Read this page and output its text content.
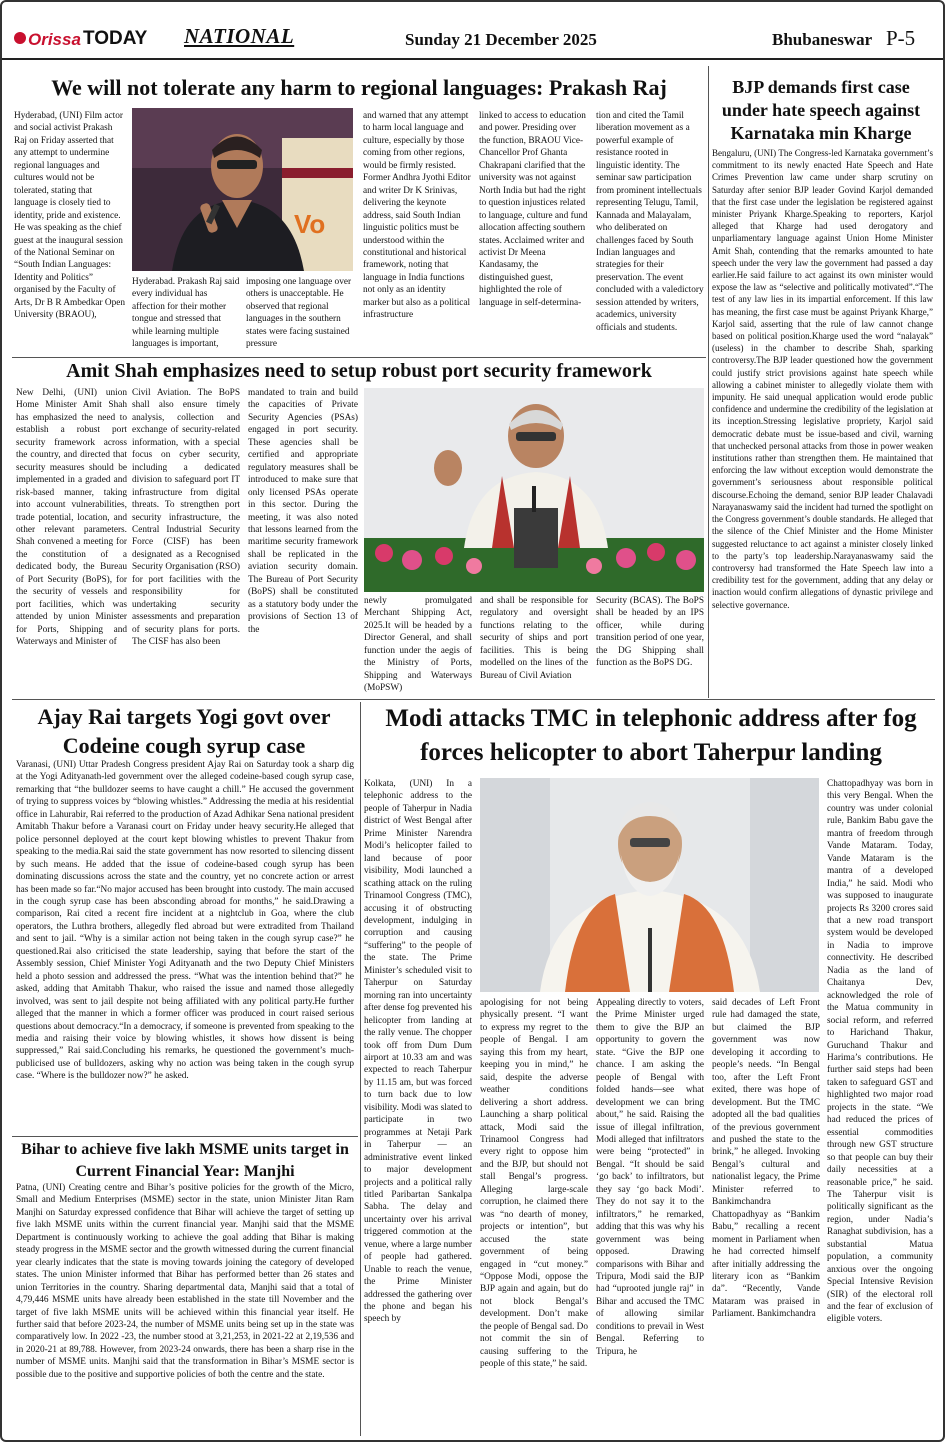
Orissa TODAY NATIONAL	Sunday 21 December 2025	Bhubaneswar P-5
We will not tolerate any harm to regional languages: Prakash Raj
Hyderabad, (UNI) Film actor and social activist Prakash Raj on Friday asserted that any attempt to undermine regional languages and cultures would not be tolerated, stating that language is closely tied to identity, pride and existence. He was speaking as the chief guest at the inaugural session of the National Seminar on “South Indian Languages: Identity and Politics” organised by the Faculty of Arts, Dr B R Ambedkar Open University (BRAOU),
Vo
Hyderabad. Prakash Raj said every individual has affection for their mother tongue and stressed that while learning multiple languages is important,
imposing one language over others is unacceptable. He observed that regional languages in the southern states were facing sustained pressure
and warned that any attempt to harm local language and culture, especially by those coming from other regions, would be firmly resisted. Former Andhra Jyothi Editor and writer Dr K Srinivas, delivering the keynote address, said South Indian linguistic politics must be understood within the constitutional and historical framework, noting that language in India functions not only as an identity marker but also as a political infrastructure
linked to access to education and power. Presiding over the function, BRAOU Vice-Chancellor Prof Ghanta Chakrapani clarified that the university was not against North India but had the right to question injustices related to language, culture and fund allocation affecting southern states. Acclaimed writer and activist Dr Meena Kandasamy, the distinguished guest, highlighted the role of language in self-determina-
tion and cited the Tamil liberation movement as a powerful example of resistance rooted in linguistic identity. The seminar saw participation from prominent intellectuals representing Telugu, Tamil, Kannada and Malayalam, who deliberated on challenges faced by South Indian languages and strategies for their preservation. The event concluded with a valedictory session attended by writers, academics, university officials and students.
Amit Shah emphasizes need to setup robust port security framework
New Delhi, (UNI) union Home Minister Amit Shah has emphasized the need to establish a robust port security framework across the country, and directed that security measures should be implemented in a graded and risk-based manner, taking into account vulnerabilities, trade potential, location, and other relevant parameters. Shah convened a meeting for the constitution of a dedicated body, the Bureau of Port Security (BoPS), for the security of vessels and port facilities, which was attended by union Minister for Ports, Shipping and Waterways and Minister of
Civil Aviation. The BoPS shall also ensure timely analysis, collection and exchange of security-related information, with a special focus on cyber security, including a dedicated division to safeguard port IT infrastructure from digital threats. To strengthen port security infrastructure, the Central Industrial Security Force (CISF) has been designated as a Recognised Security Organisation (RSO) for port facilities with the responsibility for undertaking security assessments and preparation of security plans for ports. The CISF has also been
mandated to train and build the capacities of Private Security Agencies (PSAs) engaged in port security. These agencies shall be certified and appropriate regulatory measures shall be introduced to make sure that only licensed PSAs operate in this sector. During the meeting, it was also noted that lessons learned from the maritime security framework shall be replicated in the aviation security domain. The Bureau of Port Security (BoPS) shall be constituted as a statutory body under the provisions of Section 13 of the
newly promulgated Merchant Shipping Act, 2025.It will be headed by a Director General, and shall function under the aegis of the Ministry of Ports, Shipping and Waterways (MoPSW)
and shall be responsible for regulatory and oversight functions relating to the security of ships and port facilities. This is being modelled on the lines of the Bureau of Civil Aviation
Security (BCAS). The BoPS shall be headed by an IPS officer, while during transition period of one year, the DG Shipping shall function as the BoPS DG.
BJP demands first case under hate speech against Karnataka min Kharge
Bengaluru, (UNI) The Congress-led Karnataka government’s commitment to its newly enacted Hate Speech and Hate Crimes Prevention law came under sharp scrutiny on Saturday after senior BJP leader Govind Karjol demanded that the first case under the legislation be registered against minister Priyank Kharge.Speaking to reporters, Karjol alleged that Kharge had used derogatory and unparliamentary language against Union Home Minister Amit Shah, contending that the remarks amounted to hate speech under the very law the government had passed a day earlier.He said failure to act against its own minister would expose the law as “selective and politically motivated”.“The test of any law lies in its impartial enforcement. If this law has meaning, the first case must be against Priyank Kharge,” Karjol said, asserting that the rule of law cannot change based on political position.Kharge used the word “nalayak” (useless) in the chamber to describe Shah, sparking controversy.The BJP leader questioned how the government could justify strict provisions against hate speech while allowing a cabinet minister to allegedly violate them with impunity. He said unequal application would erode public confidence and undermine the credibility of the legislation at its inception.Stressing legislative propriety, Karjol said democratic debate must be issue-based and civil, warning that unchecked personal attacks from those in power weaken institutions rather than strengthen them. He maintained that enforcing the law without exception would demonstrate the government’s seriousness about responsible political discourse.Echoing the demand, senior BJP leader Chalavadi Narayanaswamy said the incident had turned the spotlight on the Congress government’s double standards. He alleged that the silence of the Chief Minister and the Home Minister suggested reluctance to act against a minister closely linked to the party’s top leadership.Narayanaswamy said the controversy had transformed the Hate Speech law into a credibility test for the government, adding that any delay or inaction would confirm allegations of dynastic privilege and selective governance.
Ajay Rai targets Yogi govt over Codeine cough syrup case
Varanasi, (UNI) Uttar Pradesh Congress president Ajay Rai on Saturday took a sharp dig at the Yogi Adityanath-led government over the alleged codeine-based cough syrup case, remarking that “the bulldozer seems to have caught a chill.” He accused the government of trying to suppress voices by “blowing whistles.” Addressing the media at his residential office in Lahurabir, Rai referred to the production of Azad Adhikar Sena national president Amitabh Thakur before a Varanasi court on Friday under heavy security.He alleged that police personnel deployed at the court kept blowing whistles to prevent Thakur from speaking to the media.Rai said the state government has now resorted to silencing dissent by such means. He added that the issue of codeine-based cough syrup has been dominating discussions across the state and the country, yet no concrete action or arrest has been made so far.“No major accused has been brought into custody. The main accused in the cough syrup case has been absconding abroad for months,” he said.Drawing a comparison, Rai cited a recent fire incident at a nightclub in Goa, where the club operators, the Luthra brothers, allegedly fled abroad but were extradited from Thailand and sent to jail. “Why is a similar action not being taken in the cough syrup case?” he questioned.Rai also criticised the state leadership, saying that before the start of the Assembly session, Chief Minister Yogi Adityanath and the two Deputy Chief Ministers held a photo session and addressed the press. “What was the intention behind that?” he asked, adding that Amitabh Thakur, who raised the issue and named those allegedly involved, was sent to jail despite not being affiliated with any political party.He further alleged that the manner in which a former officer was produced in court raised serious questions about democracy.“In a democracy, if someone is prevented from speaking to the media and raising their voice by blowing whistles, it shows how dissent is being suppressed,” Rai said.Concluding his remarks, he questioned the government’s much-publicised use of bulldozers, asking why no action was being taken in the cough syrup case. “Where is the bulldozer now?” he asked.
Bihar to achieve five lakh MSME units target in Current Financial Year: Manjhi
Patna, (UNI) Creating centre and Bihar’s positive policies for the growth of the Micro, Small and Medium Enterprises (MSME) sector in the state, union Minister Jitan Ram Manjhi on Saturday expressed confidence that Bihar will achieve the target of setting up five lakh MSME units within the current financial year. Manjhi said that the MSME Department is continuously working to achieve the goal adding that Bihar is making steady progress in the MSME sector and the growth witnessed during the current financial year clearly indicates that the state is moving towards joining the category of developed states. The union Minister informed that Bihar has performed better than 26 states and union Territories in the country. Sharing departmental data, Manjhi said that a total of 4,79,446 MSME units have already been established in the state till November and the target of five lakh MSME units will be achieved within this financial year itself. He further said that before 2023-24, the number of MSME units being set up in the state was comparatively low. In 2022 -23, the number stood at 3,21,253, in 2021-22 at 2,19,536 and in 2020-21 at 89,788. However, from 2023-24 onwards, there has been a sharp rise in the number of MSME units. Manjhi said that the transformation in Bihar’s MSME sector is possible due to the positive and supportive policies of both the centre and the state.
Modi attacks TMC in telephonic address after fog forces helicopter to abort Taherpur landing
Kolkata, (UNI) In a telephonic address to the people of Taherpur in Nadia district of West Bengal after Prime Minister Narendra Modi’s helicopter failed to land because of poor visibility, Modi launched a scathing attack on the ruling Trinamool Congress (TMC), accusing it of obstructing development, indulging in corruption and causing “suffering” to the people of the state. The Prime Minister’s scheduled visit to Taherpur on Saturday morning ran into uncertainty after dense fog prevented his helicopter from landing at the rally venue. The chopper took off from Dum Dum airport at 10.33 am and was expected to reach Taherpur by 11.15 am, but was forced to turn back due to low visibility. Modi was slated to participate in two programmes at Netaji Park in Taherpur — an administrative event linked to major development projects and a political rally titled Paribartan Sankalpa Sabha. The delay and uncertainty over his arrival triggered commotion at the venue, where a large number of people had gathered. Unable to reach the venue, the Prime Minister addressed the gathering over the phone and began his speech by
apologising for not being physically present. “I want to express my regret to the people of Bengal. I am saying this from my heart, keeping you in mind,” he said, despite the adverse weather conditions delivering a short address. Launching a sharp political attack, Modi said the Trinamool Congress had every right to oppose him and the BJP, but should not stall Bengal’s progress. Alleging large-scale corruption, he claimed there was “no dearth of money, projects or intention”, but accused the state government of being engaged in “cut money.” “Oppose Modi, oppose the BJP again and again, but do not block Bengal’s development. Don’t make the people of Bengal sad. Do not commit the sin of causing suffering to the people of this state,” he said.
Appealing directly to voters, the Prime Minister urged them to give the BJP an opportunity to govern the state. “Give the BJP one chance. I am asking the people of Bengal with folded hands—see what development we can bring about,” he said. Raising the issue of illegal infiltration, Modi alleged that infiltrators were being “protected” in Bengal. “It should be said ‘go back’ to infiltrators, but they say ‘go back Modi’. They do not say it to the infiltrators,” he remarked, adding that this was why his government was being opposed. Drawing comparisons with Bihar and Tripura, Modi said the BJP had “uprooted jungle raj” in Bihar and accused the TMC of allowing similar conditions to prevail in West Bengal. Referring to Tripura, he
said decades of Left Front rule had damaged the state, but claimed the BJP government was now developing it according to people’s needs. “In Bengal too, after the Left Front exited, there was hope of development. But the TMC adopted all the bad qualities of the previous government and pushed the state to the brink,” he alleged. Invoking Bengal’s cultural and nationalist legacy, the Prime Minister referred to Bankimchandra Chattopadhyay as “Bankim Babu,” recalling a recent moment in Parliament when he had corrected himself after initially addressing the literary icon as “Bankim da”. “Recently, Vande Mataram was praised in Parliament. Bankimchandra
Chattopadhyay was born in this very Bengal. When the country was under colonial rule, Bankim Babu gave the mantra of freedom through Vande Mataram. Today, Vande Mataram is the mantra of a developed India,” he said. Modi who was supposed to inaugurate projects Rs 3200 crores said that a new road transport system would be developed in Nadia to improve connectivity. He described Nadia as the land of Chaitanya Dev, acknowledged the role of the Matua community in social reform, and referred to Harichand Thakur, Guruchand Thakur and Harima’s contributions. He further said steps had been taken to safeguard GST and highlighted two major road projects in the state. “We had reduced the prices of essential commodities through new GST structure so that people can buy their daily necessities at a reasonable price,” he said. The Taherpur visit is politically significant as the region, under Nadia’s Ranaghat subdivision, has a substantial Matua population, a community anxious over the ongoing Special Intensive Revision (SIR) of the electoral roll and the fear of exclusion of eligible voters.
